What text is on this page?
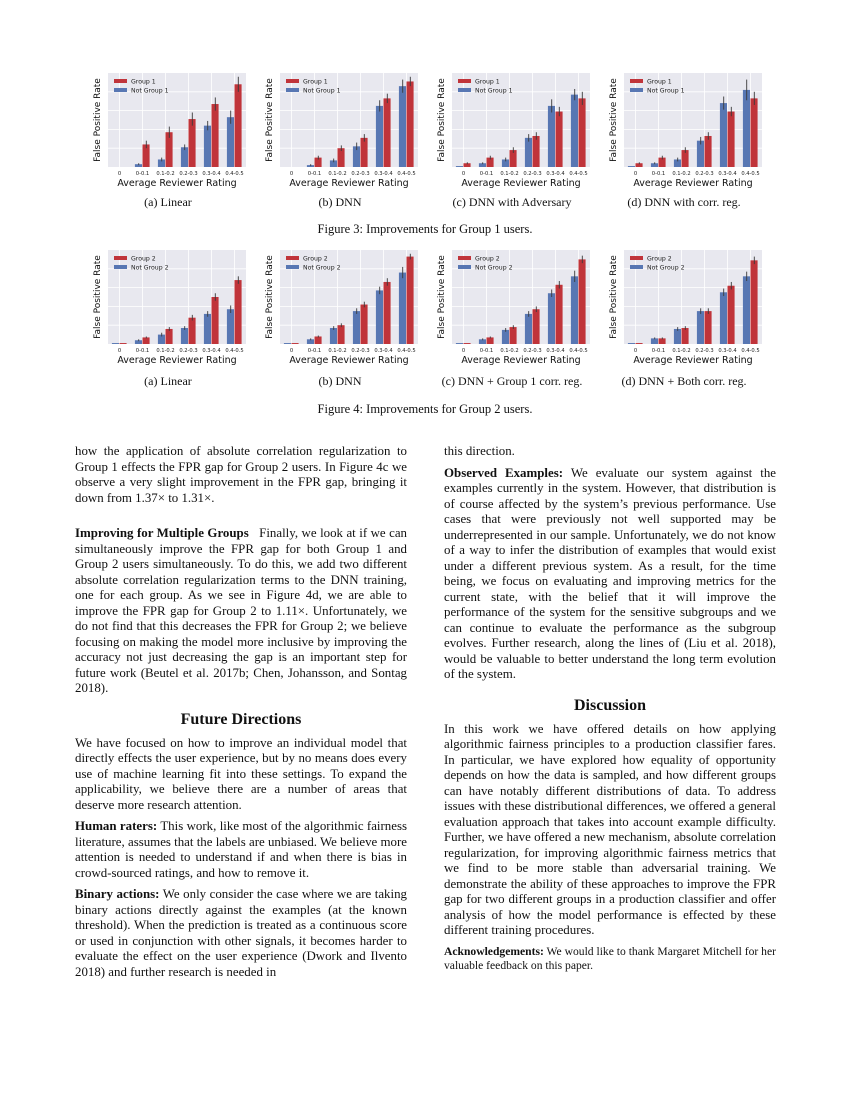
0	0-0.1 0.1-0.2 0.2-0.3 0.3-0.4 0.4-0.5
Average Reviewer Rating
False Positive Rate	Group 1
Not Group 1
0	0-0.1 0.1-0.2 0.2-0.3 0.3-0.4 0.4-0.5
Average Reviewer Rating
False Positive Rate	Group 1
Not Group 1
0	0-0.1 0.1-0.2 0.2-0.3 0.3-0.4 0.4-0.5
Average Reviewer Rating
False Positive Rate	Group 1
Not Group 1
0	0-0.1 0.1-0.2 0.2-0.3 0.3-0.4 0.4-0.5
Average Reviewer Rating
False Positive Rate	Group 1
Not Group 1
(a) Linear	(b) DNN	(c) DNN with Adversary	(d) DNN with corr. reg.
Figure 3: Improvements for Group 1 users.
0	0-0.1 0.1-0.2 0.2-0.3 0.3-0.4 0.4-0.5
Average Reviewer Rating
False Positive Rate	Group 2
Not Group 2
0	0-0.1 0.1-0.2 0.2-0.3 0.3-0.4 0.4-0.5
Average Reviewer Rating
False Positive Rate	Group 2
Not Group 2
0	0-0.1 0.1-0.2 0.2-0.3 0.3-0.4 0.4-0.5
Average Reviewer Rating
False Positive Rate	Group 2
Not Group 2
0	0-0.1 0.1-0.2 0.2-0.3 0.3-0.4 0.4-0.5
Average Reviewer Rating
False Positive Rate	Group 2
Not Group 2
(a) Linear	(b) DNN	(c) DNN + Group 1 corr. reg.	(d) DNN + Both corr. reg.
Figure 4: Improvements for Group 2 users.

how the application of absolute correlation regularization to Group 1 effects the FPR gap for Group 2 users. In Figure 4c we observe a very slight improvement in the FPR gap, bringing it down from 1.37× to 1.31×.

Improving for Multiple Groups Finally, we look at if we can simultaneously improve the FPR gap for both Group 1 and Group 2 users simultaneously. To do this, we add two different absolute correlation regularization terms to the DNN training, one for each group. As we see in Figure 4d, we are able to improve the FPR gap for Group 2 to 1.11×. Unfortunately, we do not find that this decreases the FPR for Group 2; we believe focusing on making the model more inclusive by improving the accuracy not just decreasing the gap is an important step for future work (Beutel et al. 2017b; Chen, Johansson, and Sontag 2018).

Future Directions

We have focused on how to improve an individual model that directly effects the user experience, but by no means does every use of machine learning fit into these settings. To expand the applicability, we believe there are a number of areas that deserve more research attention.

Human raters: This work, like most of the algorithmic fairness literature, assumes that the labels are unbiased. We believe more attention is needed to understand if and when there is bias in crowd-sourced ratings, and how to remove it.

Binary actions: We only consider the case where we are taking binary actions directly against the examples (at the known threshold). When the prediction is treated as a continuous score or used in conjunction with other signals, it becomes harder to evaluate the effect on the user experience (Dwork and Ilvento 2018) and further research is needed in

this direction.

Observed Examples: We evaluate our system against the examples currently in the system. However, that distribution is of course affected by the system’s previous performance. Use cases that were previously not well supported may be underrepresented in our sample. Unfortunately, we do not know of a way to infer the distribution of examples that would exist under a different previous system. As a result, for the time being, we focus on evaluating and improving metrics for the current state, with the belief that it will improve the performance of the system for the sensitive subgroups and we can continue to evaluate the performance as the subgroup evolves. Further research, along the lines of (Liu et al. 2018), would be valuable to better understand the long term evolution of the system.

Discussion

In this work we have offered details on how applying algorithmic fairness principles to a production classifier fares. In particular, we have explored how equality of opportunity depends on how the data is sampled, and how different groups can have notably different distributions of data. To address issues with these distributional differences, we offered a general evaluation approach that takes into account example difficulty. Further, we have offered a new mechanism, absolute correlation regularization, for improving algorithmic fairness metrics that we find to be more stable than adversarial training. We demonstrate the ability of these approaches to improve the FPR gap for two different groups in a production classifier and offer analysis of how the model performance is effected by these different training procedures.

Acknowledgements: We would like to thank Margaret Mitchell for her valuable feedback on this paper.
